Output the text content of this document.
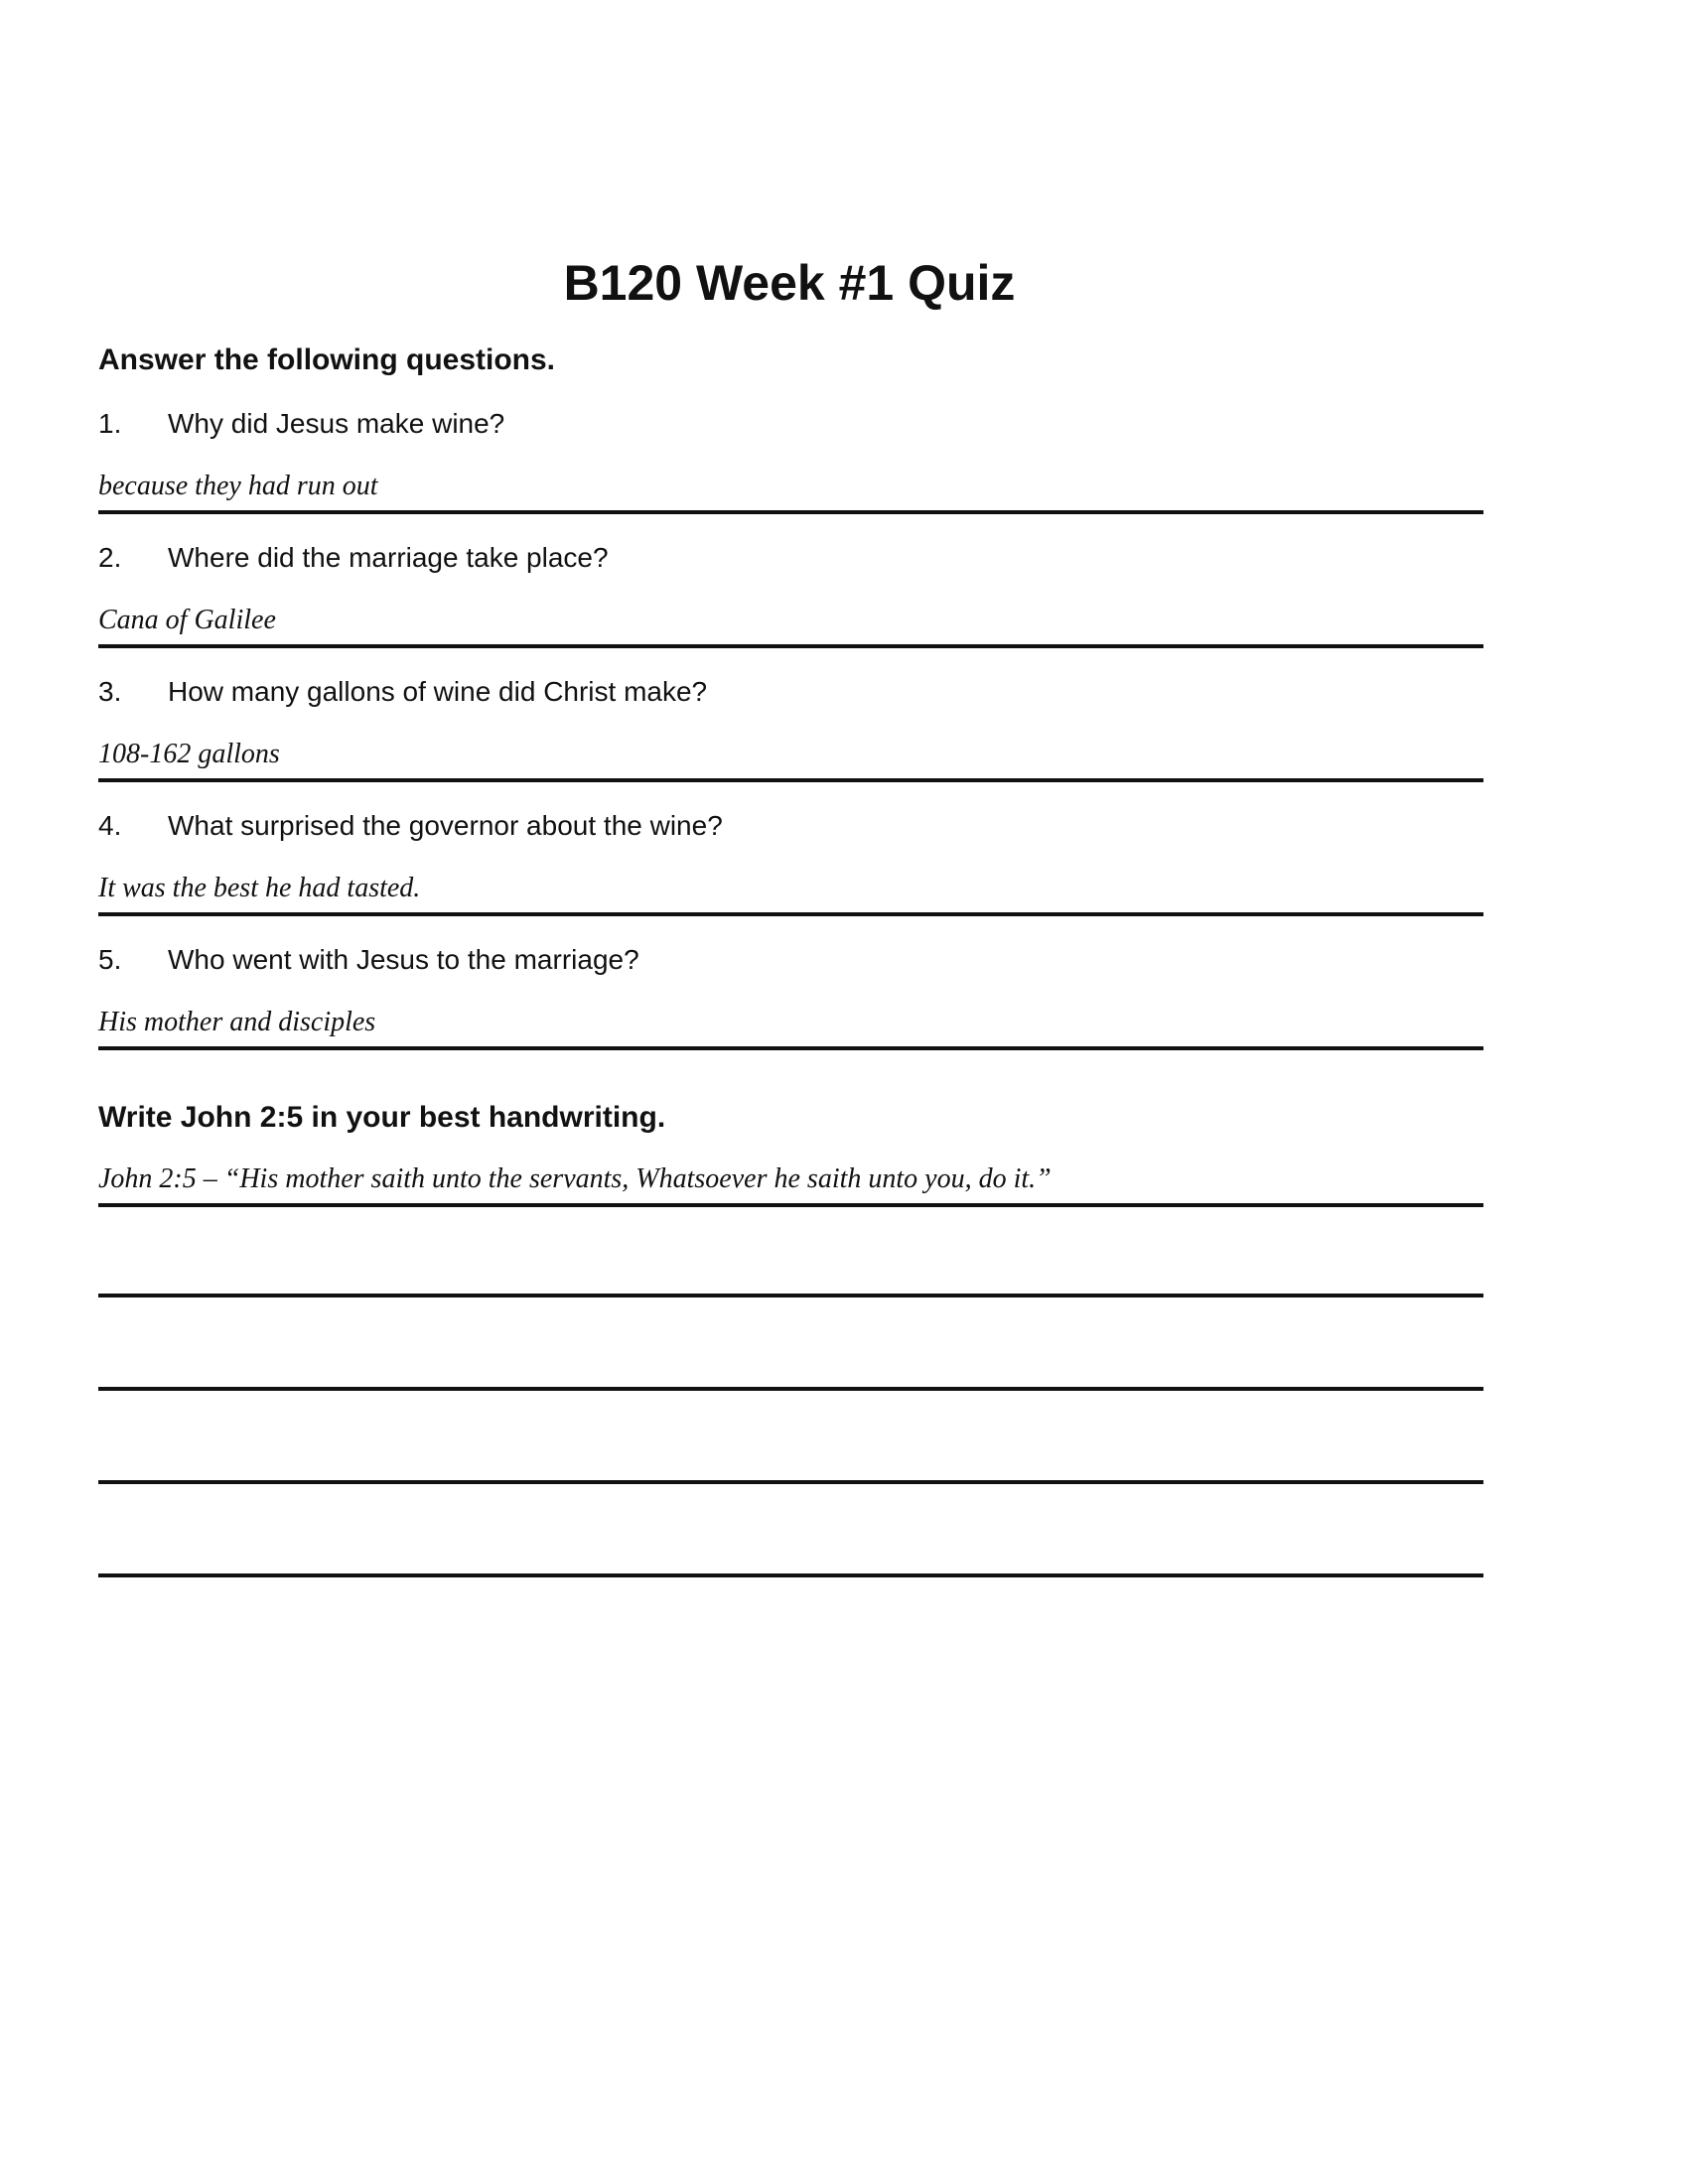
B120 Week #1 Quiz
Answer the following questions.
1. Why did Jesus make wine?
because they had run out
2. Where did the marriage take place?
Cana of Galilee
3. How many gallons of wine did Christ make?
108-162 gallons
4. What surprised the governor about the wine?
It was the best he had tasted.
5. Who went with Jesus to the marriage?
His mother and disciples
Write John 2:5 in your best handwriting.
John 2:5 – “His mother saith unto the servants, Whatsoever he saith unto you, do it.”
